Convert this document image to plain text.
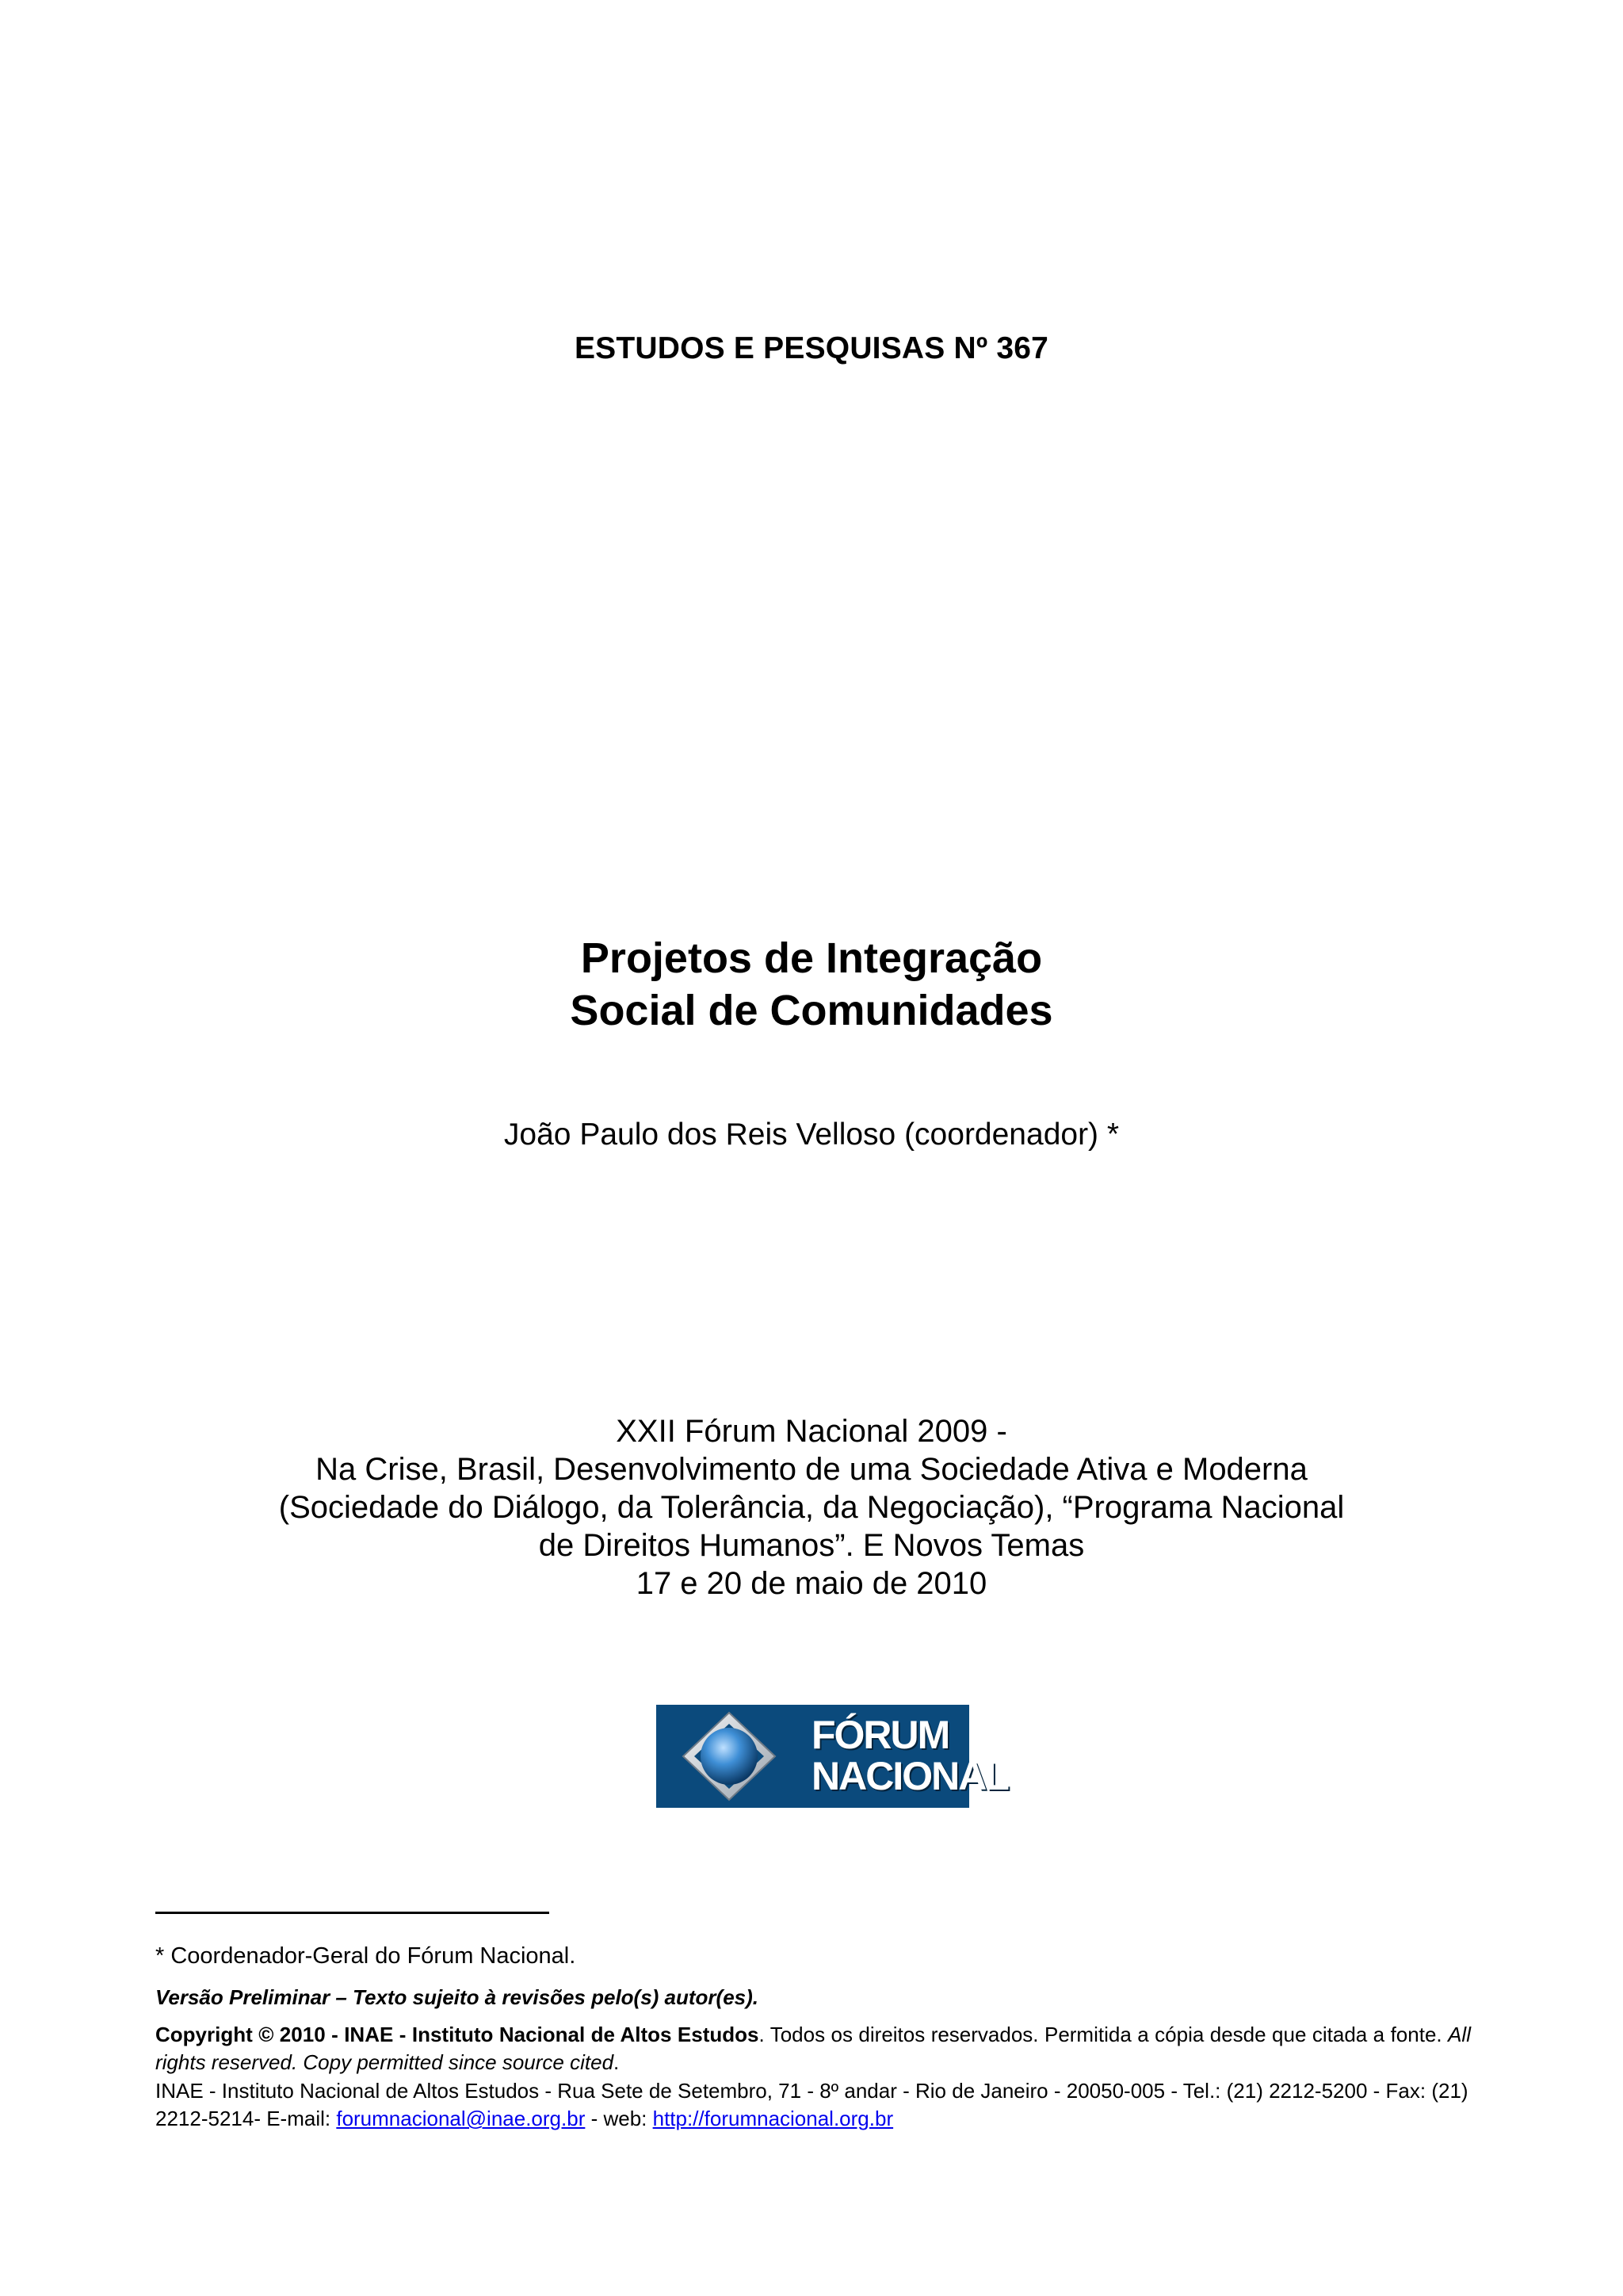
ESTUDOS E PESQUISAS Nº 367
Projetos de Integração
Social de Comunidades
João Paulo dos Reis Velloso (coordenador) *
XXII Fórum Nacional 2009 -
Na Crise, Brasil, Desenvolvimento de uma Sociedade Ativa e Moderna
(Sociedade do Diálogo, da Tolerância, da Negociação), “Programa Nacional
de Direitos Humanos”. E Novos Temas
17 e 20 de maio de 2010
FÓRUM
NACIONAL
* Coordenador-Geral do Fórum Nacional.
Versão Preliminar – Texto sujeito à revisões pelo(s) autor(es).
Copyright © 2010 - INAE - Instituto Nacional de Altos Estudos. Todos os direitos reservados. Permitida a cópia desde que citada a fonte. All rights reserved. Copy permitted since source cited.
INAE - Instituto Nacional de Altos Estudos - Rua Sete de Setembro, 71 - 8º andar - Rio de Janeiro - 20050-005 - Tel.: (21) 2212-5200 - Fax: (21) 2212-5214- E-mail: forumnacional@inae.org.br - web: http://forumnacional.org.br
